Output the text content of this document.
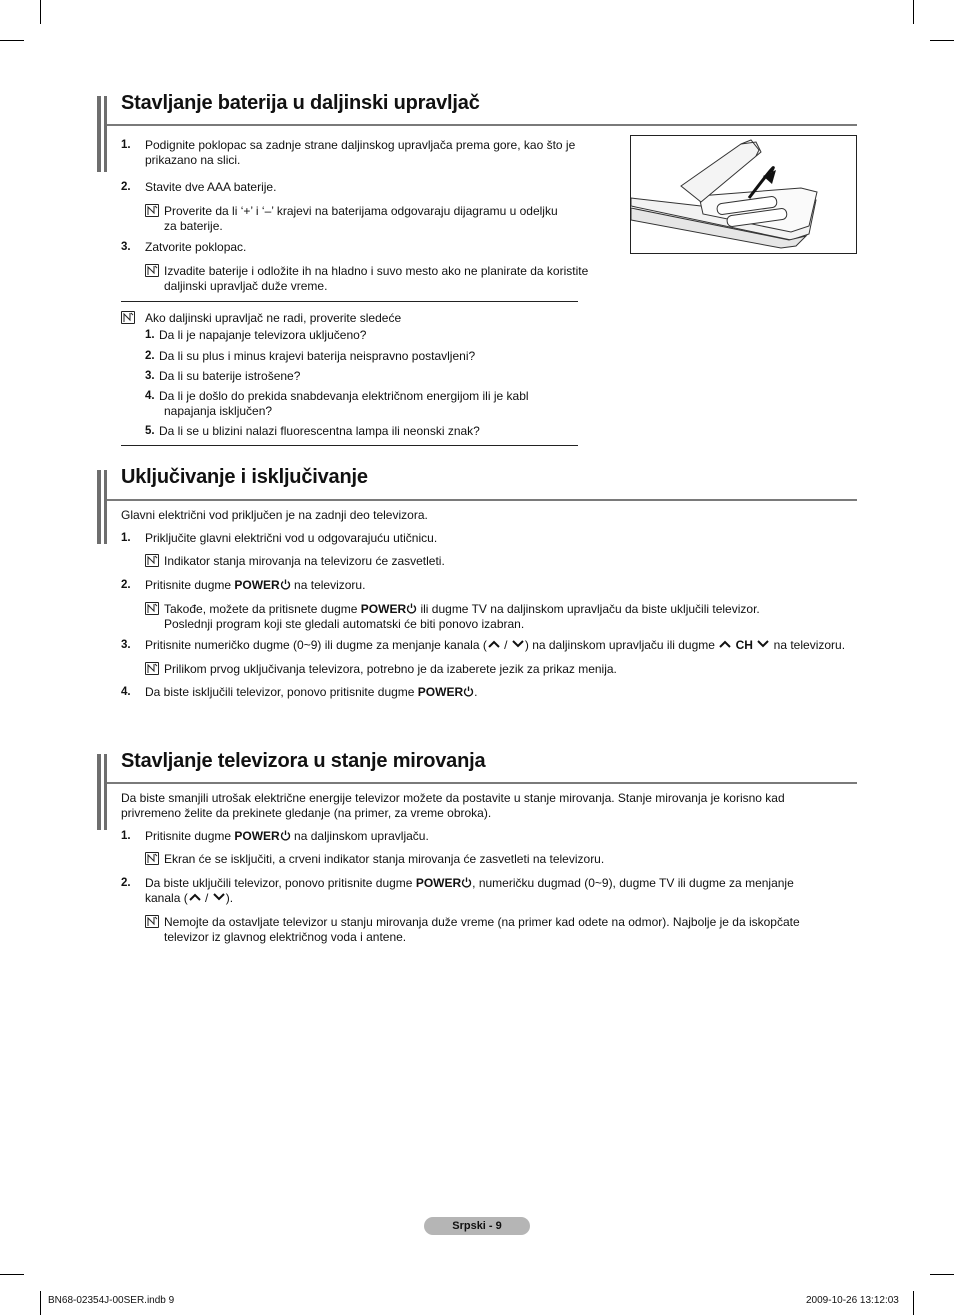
Stavljanje baterija u daljinski upravljač
1. Podignite poklopac sa zadnje strane daljinskog upravljača prema gore, kao što je
prikazano na slici.
2. Stavite dve AAA baterije.
Proverite da li ‘+’ i ‘–’ krajevi na baterijama odgovaraju dijagramu u odeljku
za baterije.
3. Zatvorite poklopac.
Izvadite baterije i odložite ih na hladno i suvo mesto ako ne planirate da koristite
daljinski upravljač duže vreme.
Ako daljinski upravljač ne radi, proverite sledeće
1. Da li je napajanje televizora uključeno?
2. Da li su plus i minus krajevi baterija neispravno postavljeni?
3. Da li su baterije istrošene?
4. Da li je došlo do prekida snabdevanja električnom energijom ili je kabl
napajanja isključen?
5. Da li se u blizini nalazi fluorescentna lampa ili neonski znak?
Uključivanje i isključivanje
Glavni električni vod priključen je na zadnji deo televizora.
1. Priključite glavni električni vod u odgovarajuću utičnicu.
Indikator stanja mirovanja na televizoru će zasvetleti.
2. Pritisnite dugme POWER na televizoru.
Takođe, možete da pritisnete dugme POWER ili dugme TV na daljinskom upravljaču da biste uključili televizor.
Poslednji program koji ste gledali automatski će biti ponovo izabran.
3. Pritisnite numeričko dugme (0~9) ili dugme za menjanje kanala ( / ) na daljinskom upravljaču ili dugme  CH  na televizoru.
Prilikom prvog uključivanja televizora, potrebno je da izaberete jezik za prikaz menija.
4. Da biste isključili televizor, ponovo pritisnite dugme POWER .
Stavljanje televizora u stanje mirovanja
Da biste smanjili utrošak električne energije televizor možete da postavite u stanje mirovanja. Stanje mirovanja je korisno kad
privremeno želite da prekinete gledanje (na primer, za vreme obroka).
1. Pritisnite dugme POWER na daljinskom upravljaču.
Ekran će se isključiti, a crveni indikator stanja mirovanja će zasvetleti na televizoru.
2. Da biste uključili televizor, ponovo pritisnite dugme POWER , numeričku dugmad (0~9), dugme TV ili dugme za menjanje
kanala ( / ).
Nemojte da ostavljate televizor u stanju mirovanja duže vreme (na primer kad odete na odmor). Najbolje je da iskopčate
televizor iz glavnog električnog voda i antene.
Srpski - 9
BN68-02354J-00SER.indb 9	2009-10-26 13:12:03
